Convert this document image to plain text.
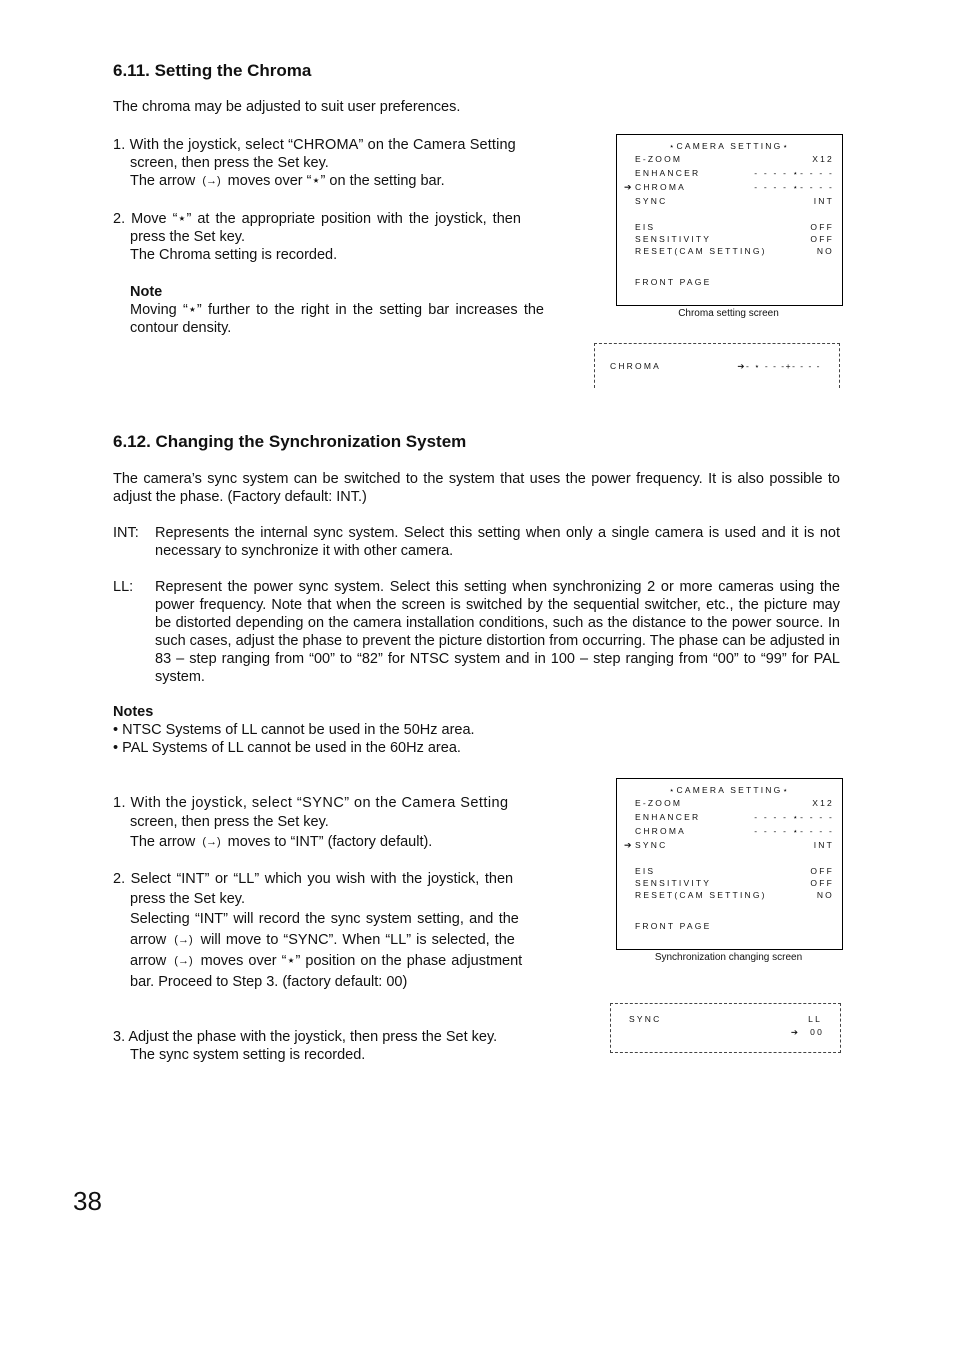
6.11. Setting the Chroma
The chroma may be adjusted to suit user preferences.
1. With the joystick, select “CHROMA” on the Camera Setting
screen, then press the Set key.
The arrow (→) moves over “⋆” on the setting bar.
2. Move “⋆” at the appropriate position with the joystick, then
press the Set key.
The Chroma setting is recorded.
Note
Moving “⋆” further to the right in the setting bar increases the contour density.
⋆CAMERA SETTING⋆
E-ZOOM	X12
ENHANCER	- - - - ⋆- - - -
➔ CHROMA	- - - - ⋆- - - -
SYNC	INT
EIS	OFF
SENSITIVITY	OFF
RESET(CAM SETTING)	NO
FRONT PAGE
Chroma setting screen
CHROMA	➔- ⋆ - - -+- - - -
6.12. Changing the Synchronization System
The camera’s sync system can be switched to the system that uses the power frequency. It is also possible to adjust the phase. (Factory default: INT.)
INT: Represents the internal sync system. Select this setting when only a single camera is used and it is not necessary to synchronize it with other camera.
LL: Represent the power sync system. Select this setting when synchronizing 2 or more cameras using the power frequency. Note that when the screen is switched by the sequential switcher, etc., the picture may be distorted depending on the camera installation conditions, such as the distance to the power source. In such cases, adjust the phase to prevent the picture distortion from occurring. The phase can be adjusted in 83 – step ranging from “00” to “82” for NTSC system and in 100 – step ranging from “00” to “99” for PAL system.
Notes
• NTSC Systems of LL cannot be used in the 50Hz area.
• PAL Systems of LL cannot be used in the 60Hz area.
1. With the joystick, select “SYNC” on the Camera Setting
screen, then press the Set key.
The arrow (→) moves to “INT” (factory default).
2. Select “INT” or “LL” which you wish with the joystick, then
press the Set key.
Selecting “INT” will record the sync system setting, and the
arrow (→) will move to “SYNC”. When “LL” is selected, the
arrow (→) moves over “⋆” position on the phase adjustment
bar. Proceed to Step 3. (factory default: 00)
3. Adjust the phase with the joystick, then press the Set key.
The sync system setting is recorded.
⋆CAMERA SETTING⋆
E-ZOOM	X12
ENHANCER	- - - - ⋆- - - -
CHROMA	- - - - ⋆- - - -
➔ SYNC	INT
EIS	OFF
SENSITIVITY	OFF
RESET(CAM SETTING)	NO
FRONT PAGE
Synchronization changing screen
SYNC	LL
➔ 00
38
